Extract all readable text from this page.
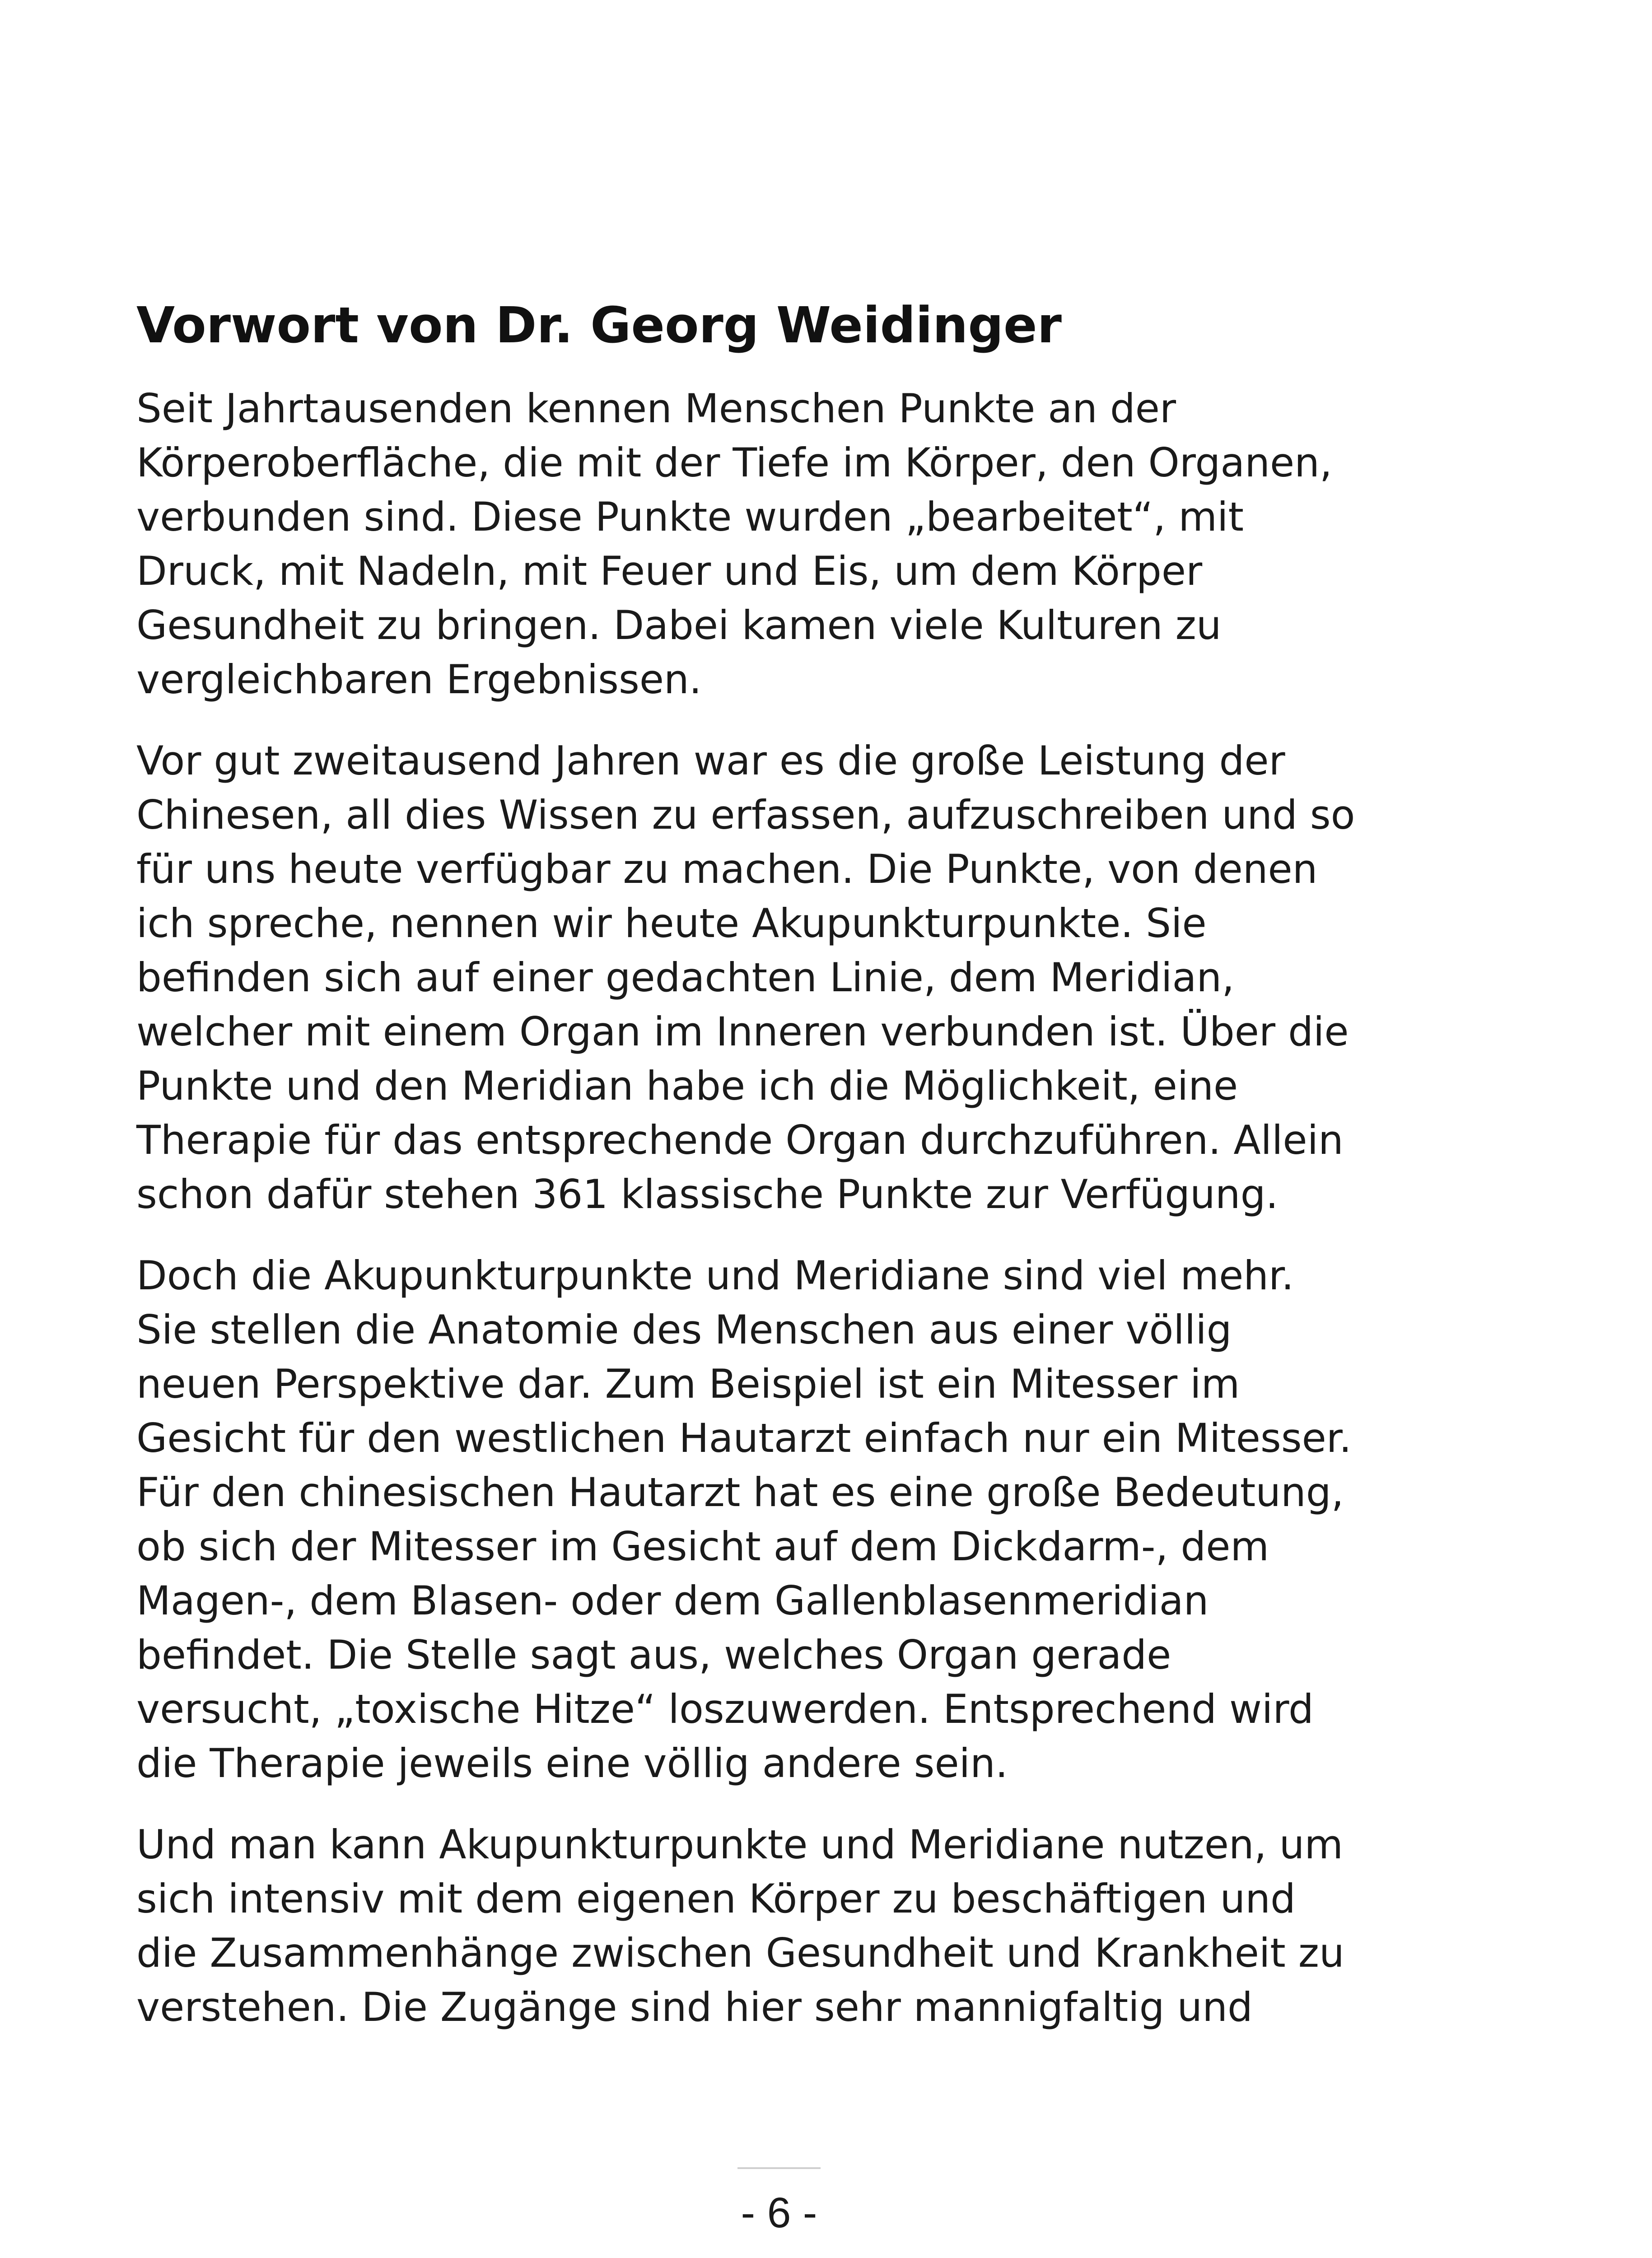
Vorwort von Dr. Georg Weidinger

Seit Jahrtausenden kennen Menschen Punkte an der
Körperoberfläche, die mit der Tiefe im Körper, den Organen,
verbunden sind. Diese Punkte wurden „bearbeitet“, mit
Druck, mit Nadeln, mit Feuer und Eis, um dem Körper
Gesundheit zu bringen. Dabei kamen viele Kulturen zu
vergleichbaren Ergebnissen.

Vor gut zweitausend Jahren war es die große Leistung der
Chinesen, all dies Wissen zu erfassen, aufzuschreiben und so
für uns heute verfügbar zu machen. Die Punkte, von denen
ich spreche, nennen wir heute Akupunkturpunkte. Sie
befinden sich auf einer gedachten Linie, dem Meridian,
welcher mit einem Organ im Inneren verbunden ist. Über die
Punkte und den Meridian habe ich die Möglichkeit, eine
Therapie für das entsprechende Organ durchzuführen. Allein
schon dafür stehen 361 klassische Punkte zur Verfügung.

Doch die Akupunkturpunkte und Meridiane sind viel mehr.
Sie stellen die Anatomie des Menschen aus einer völlig
neuen Perspektive dar. Zum Beispiel ist ein Mitesser im
Gesicht für den westlichen Hautarzt einfach nur ein Mitesser.
Für den chinesischen Hautarzt hat es eine große Bedeutung,
ob sich der Mitesser im Gesicht auf dem Dickdarm-, dem
Magen-, dem Blasen- oder dem Gallenblasenmeridian
befindet. Die Stelle sagt aus, welches Organ gerade
versucht, „toxische Hitze“ loszuwerden. Entsprechend wird
die Therapie jeweils eine völlig andere sein.

Und man kann Akupunkturpunkte und Meridiane nutzen, um
sich intensiv mit dem eigenen Körper zu beschäftigen und
die Zusammenhänge zwischen Gesundheit und Krankheit zu
verstehen. Die Zugänge sind hier sehr mannigfaltig und

- 6 -
